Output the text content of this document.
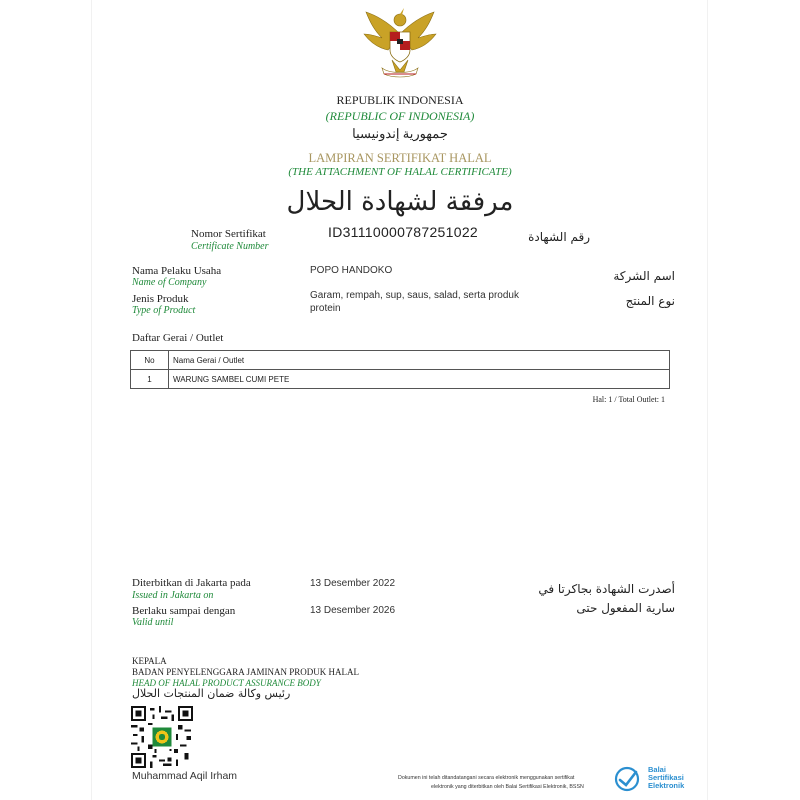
REPUBLIK INDONESIA
(REPUBLIC OF INDONESIA)
جمهورية إندونيسيا
LAMPIRAN SERTIFIKAT HALAL
(THE ATTACHMENT OF HALAL CERTIFICATE)
مرفقة لشهادة الحلال
Nomor Sertifikat
Certificate Number
ID31110000787251022	رقم الشهادة
Nama Pelaku Usaha
Name of Company
POPO HANDOKO	اسم الشركة
Jenis Produk
Type of Product
Garam, rempah, sup, saus, salad, serta produk
protein
نوع المنتج
Daftar Gerai / Outlet
No	Nama Gerai / Outlet
1	WARUNG SAMBEL CUMI PETE
Hal: 1 / Total Outlet: 1
Diterbitkan di Jakarta pada
Issued in Jakarta on
13 Desember 2022	أصدرت الشهادة بجاكرتا في
Berlaku sampai dengan
Valid until
13 Desember 2026	سارية المفعول حتى
KEPALA
BADAN PENYELENGGARA JAMINAN PRODUK HALAL
HEAD OF HALAL PRODUCT ASSURANCE BODY
رئيس وكالة ضمان المنتجات الحلال
Muhammad Aqil Irham	Dokumen ini telah ditandatangani secara elektronik menggunakan sertifikat
elektronik yang diterbitkan oleh Balai Sertifikasi Elektronik, BSSN
Balai
Sertifikasi
Elektronik
